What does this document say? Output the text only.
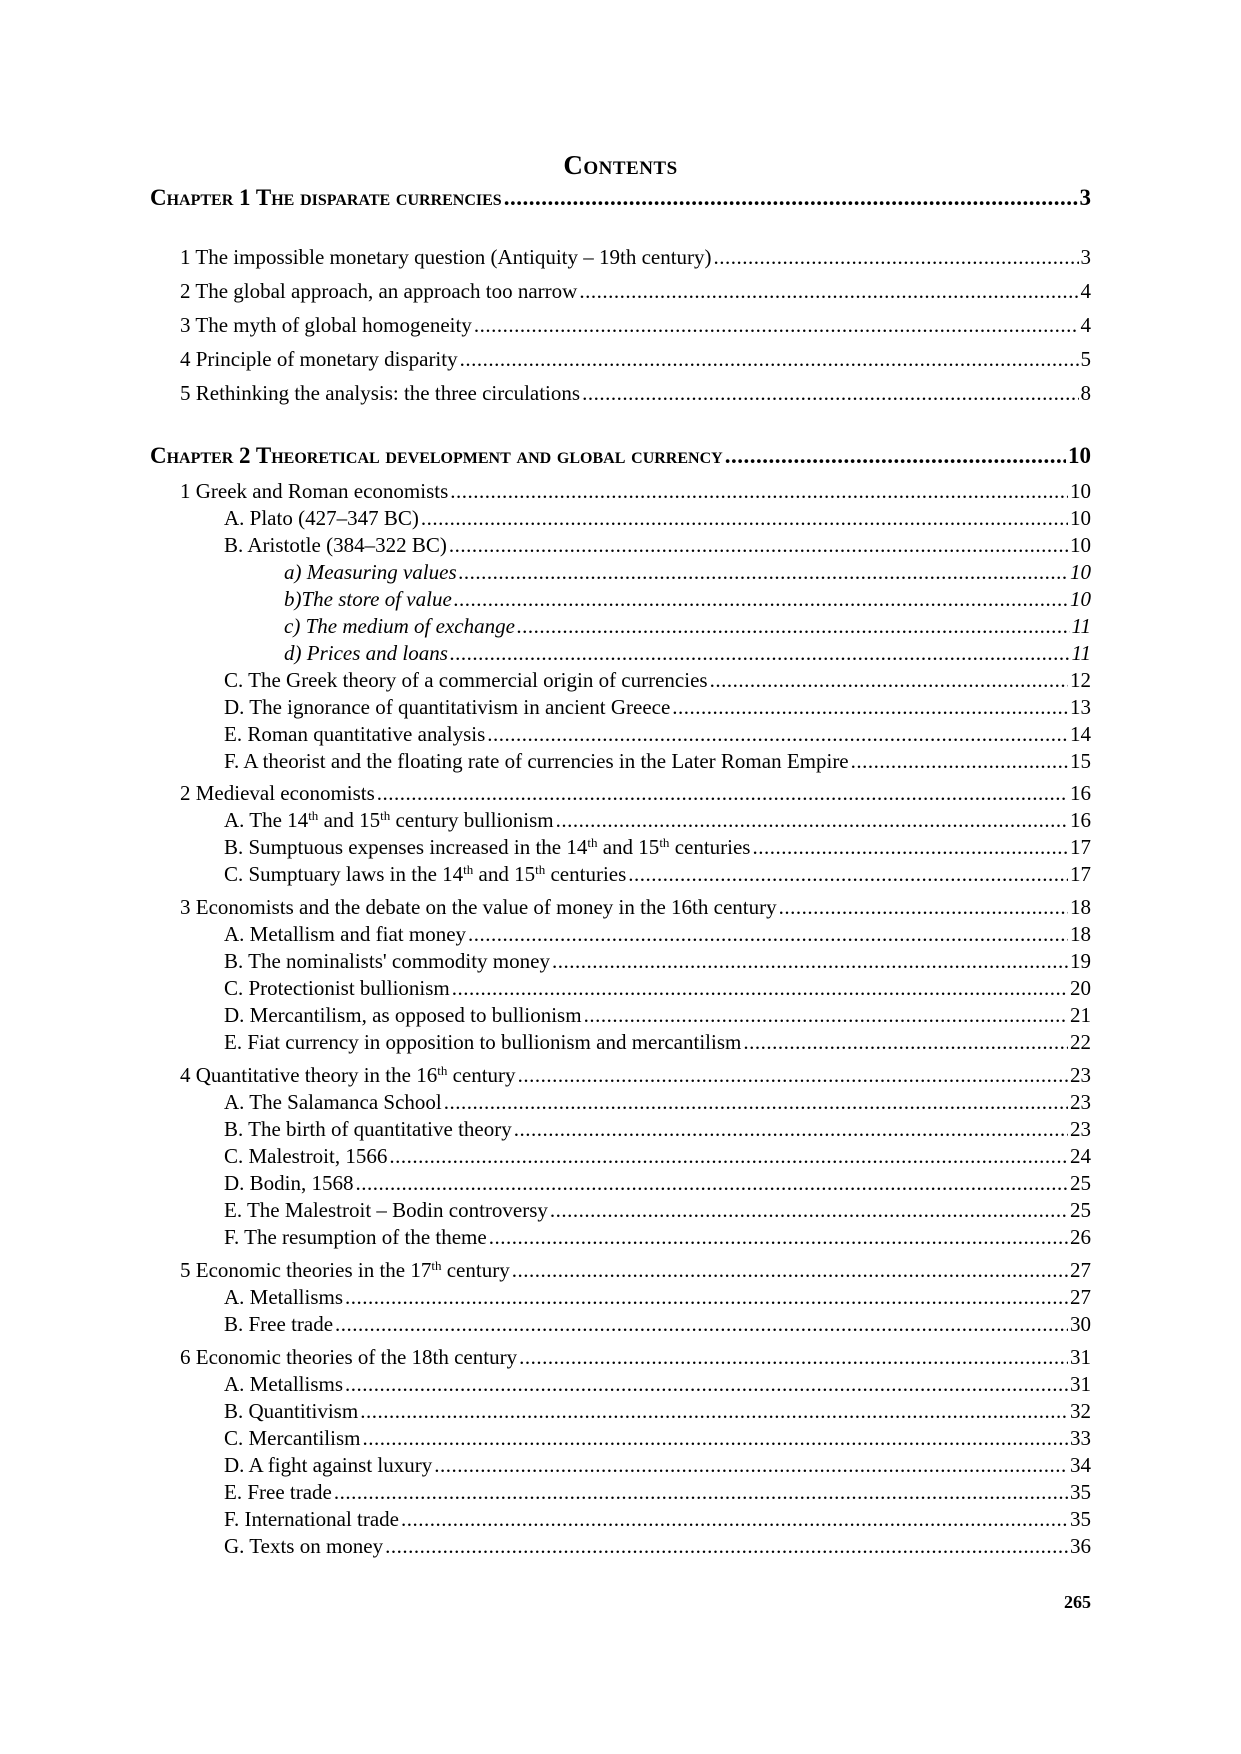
Contents
Chapter 1 The disparate currencies .....	3
1 The impossible monetary question (Antiquity – 19th century) .....	3
2 The global approach, an approach too narrow .....	4
3 The myth of global homogeneity .....	4
4 Principle of monetary disparity .....	5
5 Rethinking the analysis: the three circulations .....	8
Chapter 2 Theoretical development and global currency .....	10
1 Greek and Roman economists .....	10
A. Plato (427–347 BC) .....	10
B. Aristotle (384–322 BC) .....	10
a) Measuring values .....	10
b)The store of value .....	10
c) The medium of exchange .....	11
d) Prices and loans .....	11
C. The Greek theory of a commercial origin of currencies .....	12
D. The ignorance of quantitativism in ancient Greece .....	13
E. Roman quantitative analysis .....	14
F. A theorist and the floating rate of currencies in the Later Roman Empire .....	15
2 Medieval economists .....	16
A. The 14th and 15th century bullionism .....	16
B. Sumptuous expenses increased in the 14th and 15th centuries .....	17
C. Sumptuary laws in the 14th and 15th centuries .....	17
3 Economists and the debate on the value of money in the 16th century .....	18
A. Metallism and fiat money .....	18
B. The nominalists' commodity money .....	19
C. Protectionist bullionism .....	20
D. Mercantilism, as opposed to bullionism .....	21
E. Fiat currency in opposition to bullionism and mercantilism .....	22
4 Quantitative theory in the 16th century .....	23
A. The Salamanca School .....	23
B. The birth of quantitative theory .....	23
C. Malestroit, 1566 .....	24
D. Bodin, 1568 .....	25
E. The Malestroit – Bodin controversy .....	25
F. The resumption of the theme .....	26
5 Economic theories in the 17th century .....	27
A. Metallisms .....	27
B. Free trade .....	30
6 Economic theories of the 18th century .....	31
A. Metallisms .....	31
B. Quantitivism .....	32
C. Mercantilism .....	33
D. A fight against luxury .....	34
E. Free trade .....	35
F. International trade .....	35
G. Texts on money .....	36
265
